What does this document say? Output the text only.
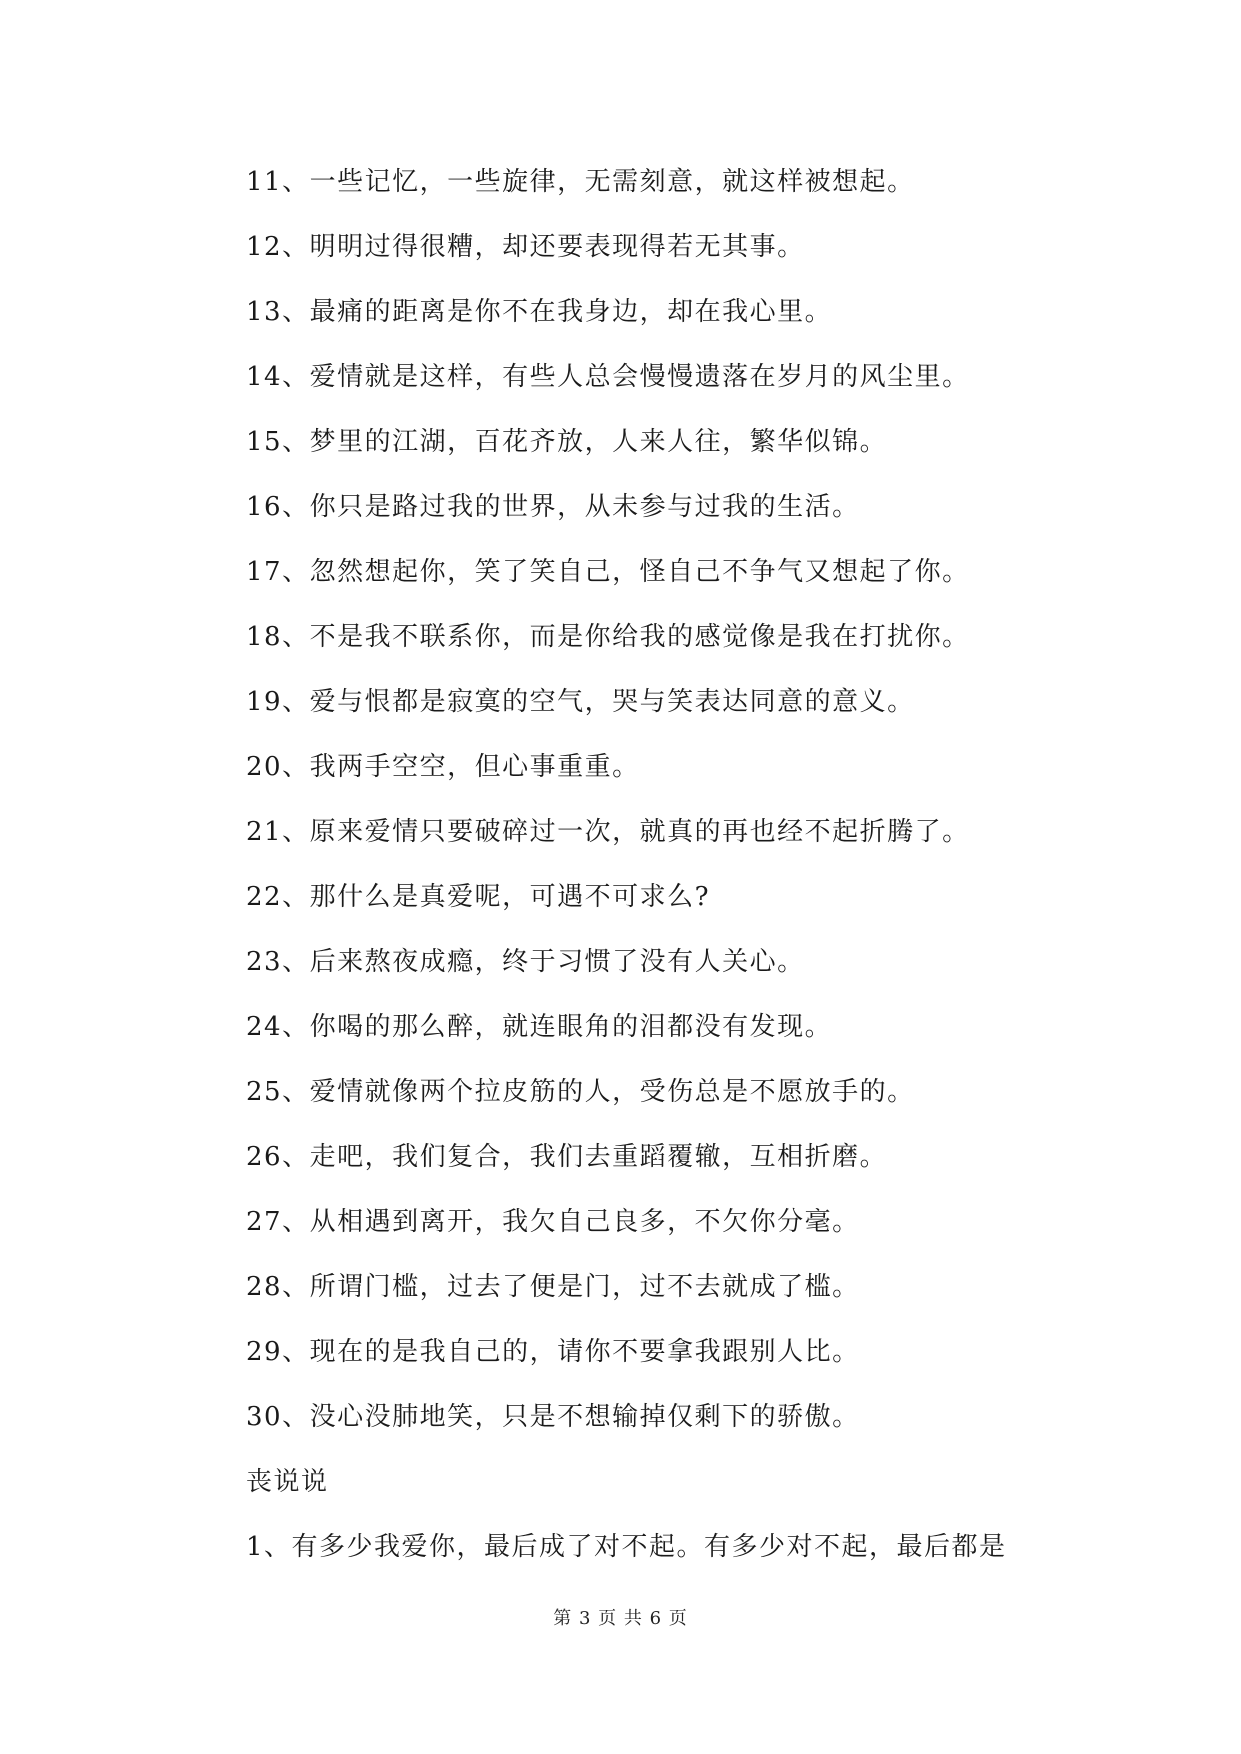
11、一些记忆，一些旋律，无需刻意，就这样被想起。
12、明明过得很糟，却还要表现得若无其事。
13、最痛的距离是你不在我身边，却在我心里。
14、爱情就是这样，有些人总会慢慢遗落在岁月的风尘里。
15、梦里的江湖，百花齐放，人来人往，繁华似锦。
16、你只是路过我的世界，从未参与过我的生活。
17、忽然想起你，笑了笑自己，怪自己不争气又想起了你。
18、不是我不联系你，而是你给我的感觉像是我在打扰你。
19、爱与恨都是寂寞的空气，哭与笑表达同意的意义。
20、我两手空空，但心事重重。
21、原来爱情只要破碎过一次，就真的再也经不起折腾了。
22、那什么是真爱呢，可遇不可求么?
23、后来熬夜成瘾，终于习惯了没有人关心。
24、你喝的那么醉，就连眼角的泪都没有发现。
25、爱情就像两个拉皮筋的人，受伤总是不愿放手的。
26、走吧，我们复合，我们去重蹈覆辙，互相折磨。
27、从相遇到离开，我欠自己良多，不欠你分毫。
28、所谓门槛，过去了便是门，过不去就成了槛。
29、现在的是我自己的，请你不要拿我跟别人比。
30、没心没肺地笑，只是不想输掉仅剩下的骄傲。
丧说说
1、有多少我爱你，最后成了对不起。有多少对不起，最后都是
第 3 页 共 6 页
